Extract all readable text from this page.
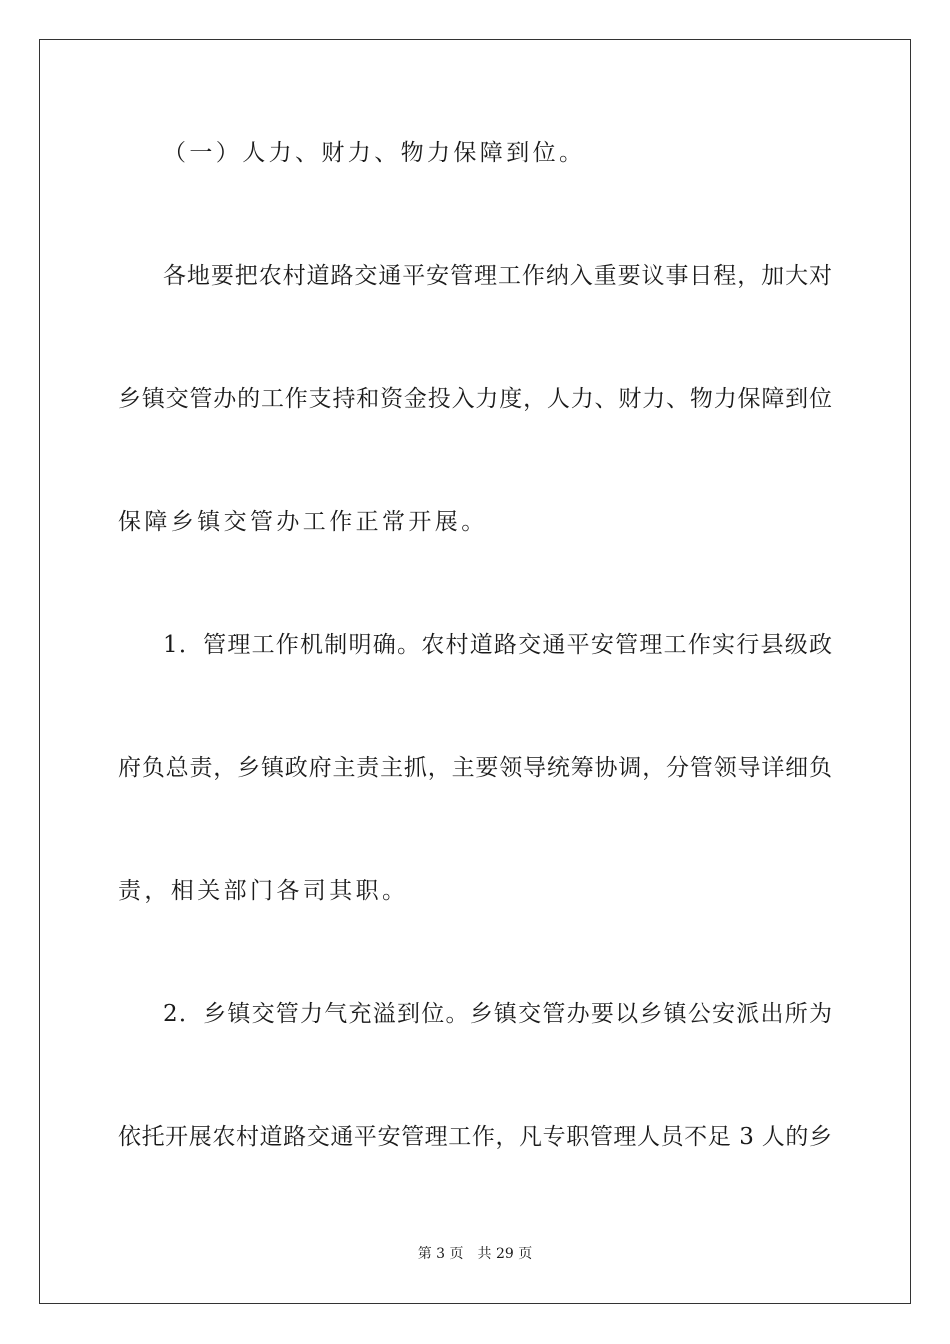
（一）人力、财力、物力保障到位。
各地要把农村道路交通平安管理工作纳入重要议事日程，加大对
乡镇交管办的工作支持和资金投入力度，人力、财力、物力保障到位
保障乡镇交管办工作正常开展。
1．管理工作机制明确。农村道路交通平安管理工作实行县级政
府负总责，乡镇政府主责主抓，主要领导统筹协调，分管领导详细负
责，相关部门各司其职。
2．乡镇交管力气充溢到位。乡镇交管办要以乡镇公安派出所为
依托开展农村道路交通平安管理工作，凡专职管理人员不足 3 人的乡
第 3 页 共 29 页
